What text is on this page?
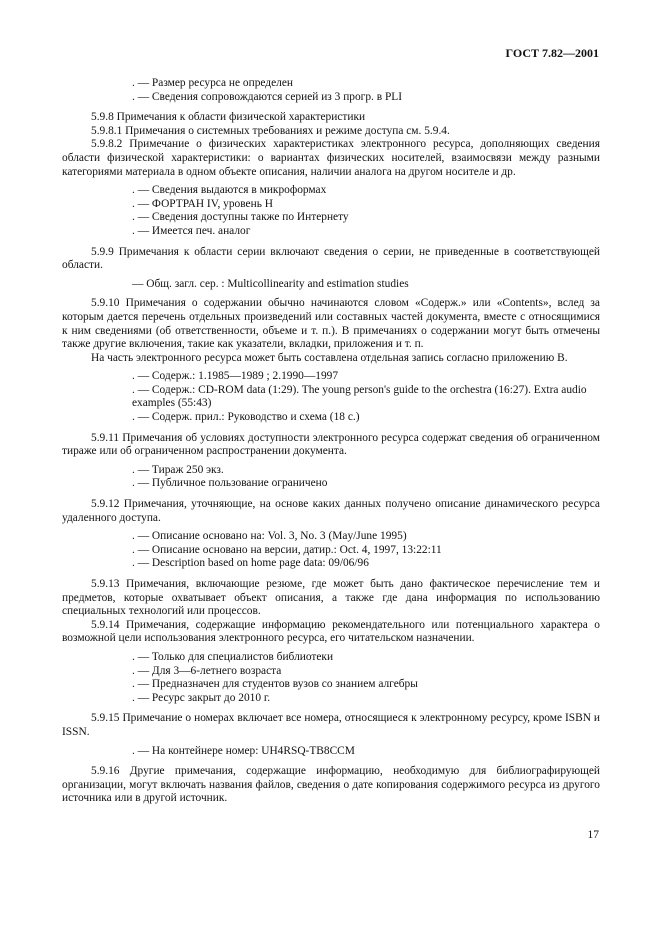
ГОСТ 7.82—2001

. — Размер ресурса не определен

. — Сведения сопровождаются серией из 3 прогр. в PLI

5.9.8 Примечания к области физической характеристики

5.9.8.1 Примечания о системных требованиях и режиме доступа см. 5.9.4.

5.9.8.2 Примечание о физических характеристиках электронного ресурса, дополняющих сведения области физической характеристики: о вариантах физических носителей, взаимосвязи между разными категориями материала в одном объекте описания, наличии аналога на другом носителе и др.

. — Сведения выдаются в микроформах

. — ФОРТРАН IV, уровень H

. — Сведения доступны также по Интернету

. — Имеется печ. аналог

5.9.9 Примечания к области серии включают сведения о серии, не приведенные в соответствующей области.

— Общ. загл. сер. : Multicollinearity and estimation studies

5.9.10 Примечания о содержании обычно начинаются словом «Содерж.» или «Contents», вслед за которым дается перечень отдельных произведений или составных частей документа, вместе с относящимися к ним сведениями (об ответственности, объеме и т. п.). В примечаниях о содержании могут быть отмечены также другие включения, такие как указатели, вкладки, приложения и т. п.

На часть электронного ресурса может быть составлена отдельная запись согласно приложению В.

. — Содерж.: 1.1985—1989 ; 2.1990—1997

. — Содерж.: CD-ROM data (1:29). The young person's guide to the orchestra (16:27). Extra audio examples (55:43)

. — Содерж. прил.: Руководство и схема (18 с.)

5.9.11 Примечания об условиях доступности электронного ресурса содержат сведения об ограниченном тираже или об ограниченном распространении документа.

. — Тираж 250 экз.

. — Публичное пользование ограничено

5.9.12 Примечания, уточняющие, на основе каких данных получено описание динамического ресурса удаленного доступа.

. — Описание основано на: Vol. 3, No. 3 (May/June 1995)

. — Описание основано на версии, датир.: Oct. 4, 1997, 13:22:11

. — Description based on home page data: 09/06/96

5.9.13 Примечания, включающие резюме, где может быть дано фактическое перечисление тем и предметов, которые охватывает объект описания, а также где дана информация по использованию специальных технологий или процессов.

5.9.14 Примечания, содержащие информацию рекомендательного или потенциального характера о возможной цели использования электронного ресурса, его читательском назначении.

. — Только для специалистов библиотеки

. — Для 3—6-летнего возраста

. — Предназначен для студентов вузов со знанием алгебры

. — Ресурс закрыт до 2010 г.

5.9.15 Примечание о номерах включает все номера, относящиеся к электронному ресурсу, кроме ISBN и ISSN.

. — На контейнере номер: UH4RSQ-TB8CCM

5.9.16 Другие примечания, содержащие информацию, необходимую для библиографирующей организации, могут включать названия файлов, сведения о дате копирования содержимого ресурса из другого источника или в другой источник.

17
